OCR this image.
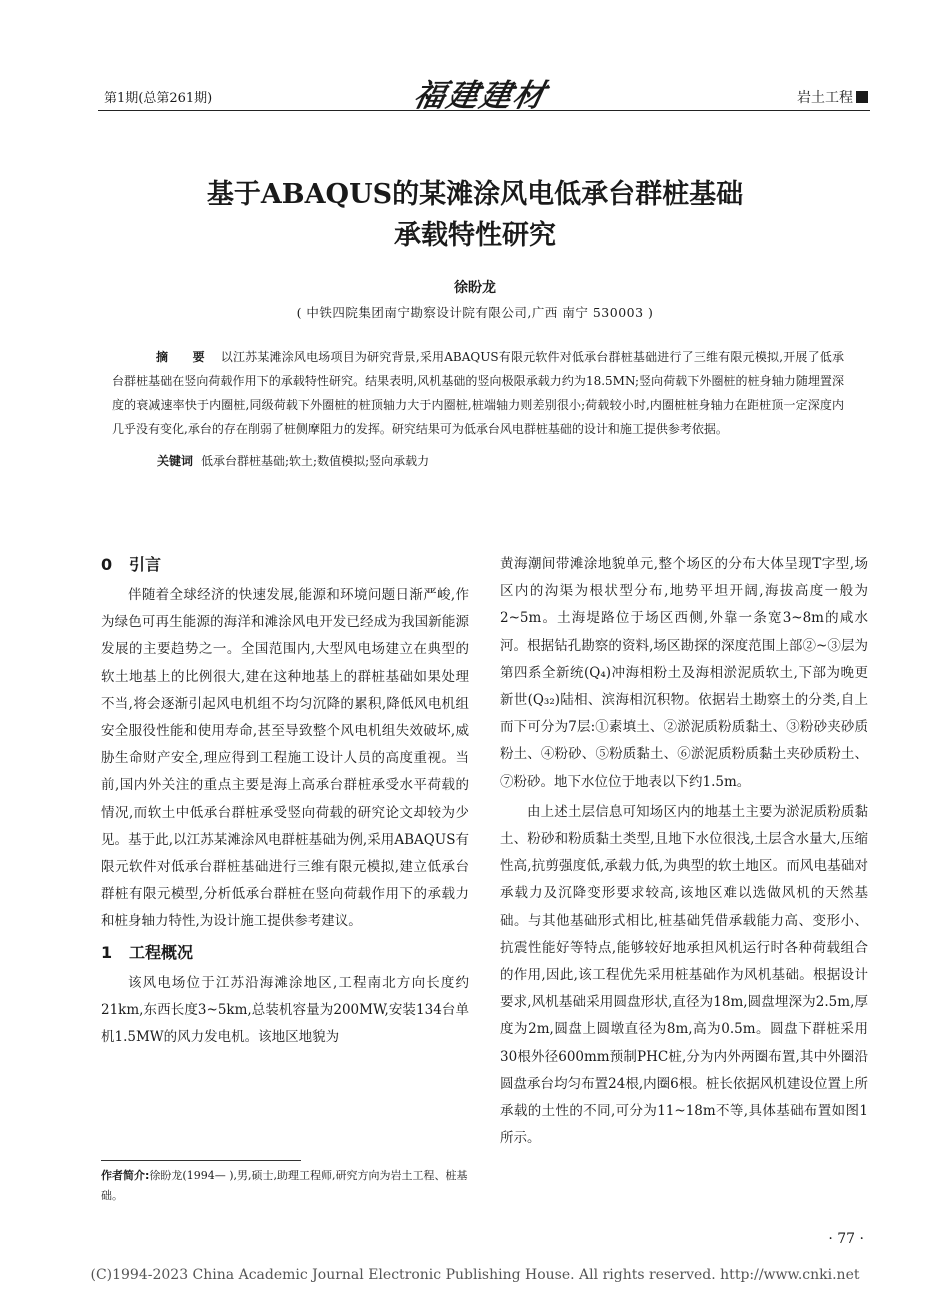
第1期(总第261期)	福建建材	岩土工程
基于ABAQUS的某滩涂风电低承台群桩基础
承载特性研究
徐盼龙
( 中铁四院集团南宁勘察设计院有限公司,广西 南宁 530003 )

摘 要 以江苏某滩涂风电场项目为研究背景,采用ABAQUS有限元软件对低承台群桩基础进行了三维有限元模拟,开展了低承台群桩基础在竖向荷载作用下的承载特性研究。结果表明,风机基础的竖向极限承载力约为18.5MN;竖向荷载下外圈桩的桩身轴力随埋置深度的衰减速率快于内圈桩,同级荷载下外圈桩的桩顶轴力大于内圈桩,桩端轴力则差别很小;荷载较小时,内圈桩桩身轴力在距桩顶一定深度内几乎没有变化,承台的存在削弱了桩侧摩阻力的发挥。研究结果可为低承台风电群桩基础的设计和施工提供参考依据。

关键词 低承台群桩基础;软土;数值模拟;竖向承载力

0 引言

伴随着全球经济的快速发展,能源和环境问题日渐严峻,作为绿色可再生能源的海洋和滩涂风电开发已经成为我国新能源发展的主要趋势之一。全国范围内,大型风电场建立在典型的软土地基上的比例很大,建在这种地基上的群桩基础如果处理不当,将会逐渐引起风电机组不均匀沉降的累积,降低风电机组安全服役性能和使用寿命,甚至导致整个风电机组失效破坏,威胁生命财产安全,理应得到工程施工设计人员的高度重视。当前,国内外关注的重点主要是海上高承台群桩承受水平荷载的情况,而软土中低承台群桩承受竖向荷载的研究论文却较为少见。基于此,以江苏某滩涂风电群桩基础为例,采用ABAQUS有限元软件对低承台群桩基础进行三维有限元模拟,建立低承台群桩有限元模型,分析低承台群桩在竖向荷载作用下的承载力和桩身轴力特性,为设计施工提供参考建议。

1 工程概况

该风电场位于江苏沿海滩涂地区,工程南北方向长度约21km,东西长度3~5km,总装机容量为200MW,安装134台单机1.5MW的风力发电机。该地区地貌为

黄海潮间带滩涂地貌单元,整个场区的分布大体呈现T字型,场区内的沟渠为根状型分布,地势平坦开阔,海拔高度一般为2~5m。土海堤路位于场区西侧,外靠一条宽3~8m的咸水河。根据钻孔勘察的资料,场区勘探的深度范围上部②~③层为第四系全新统(Q₄)冲海相粉土及海相淤泥质软土,下部为晚更新世(Q₃₂)陆相、滨海相沉积物。依据岩土勘察土的分类,自上而下可分为7层:①素填土、②淤泥质粉质黏土、③粉砂夹砂质粉土、④粉砂、⑤粉质黏土、⑥淤泥质粉质黏土夹砂质粉土、⑦粉砂。地下水位位于地表以下约1.5m。

由上述土层信息可知场区内的地基土主要为淤泥质粉质黏土、粉砂和粉质黏土类型,且地下水位很浅,土层含水量大,压缩性高,抗剪强度低,承载力低,为典型的软土地区。而风电基础对承载力及沉降变形要求较高,该地区难以选做风机的天然基础。与其他基础形式相比,桩基础凭借承载能力高、变形小、抗震性能好等特点,能够较好地承担风机运行时各种荷载组合的作用,因此,该工程优先采用桩基础作为风机基础。根据设计要求,风机基础采用圆盘形状,直径为18m,圆盘埋深为2.5m,厚度为2m,圆盘上圆墩直径为8m,高为0.5m。圆盘下群桩采用30根外径600mm预制PHC桩,分为内外两圈布置,其中外圈沿圆盘承台均匀布置24根,内圈6根。桩长依据风机建设位置上所承载的土性的不同,可分为11~18m不等,具体基础布置如图1所示。

作者简介:徐盼龙(1994— ),男,硕士,助理工程师,研究方向为岩土工程、桩基础。

· 77 ·
(C)1994-2023 China Academic Journal Electronic Publishing House. All rights reserved. http://www.cnki.net
